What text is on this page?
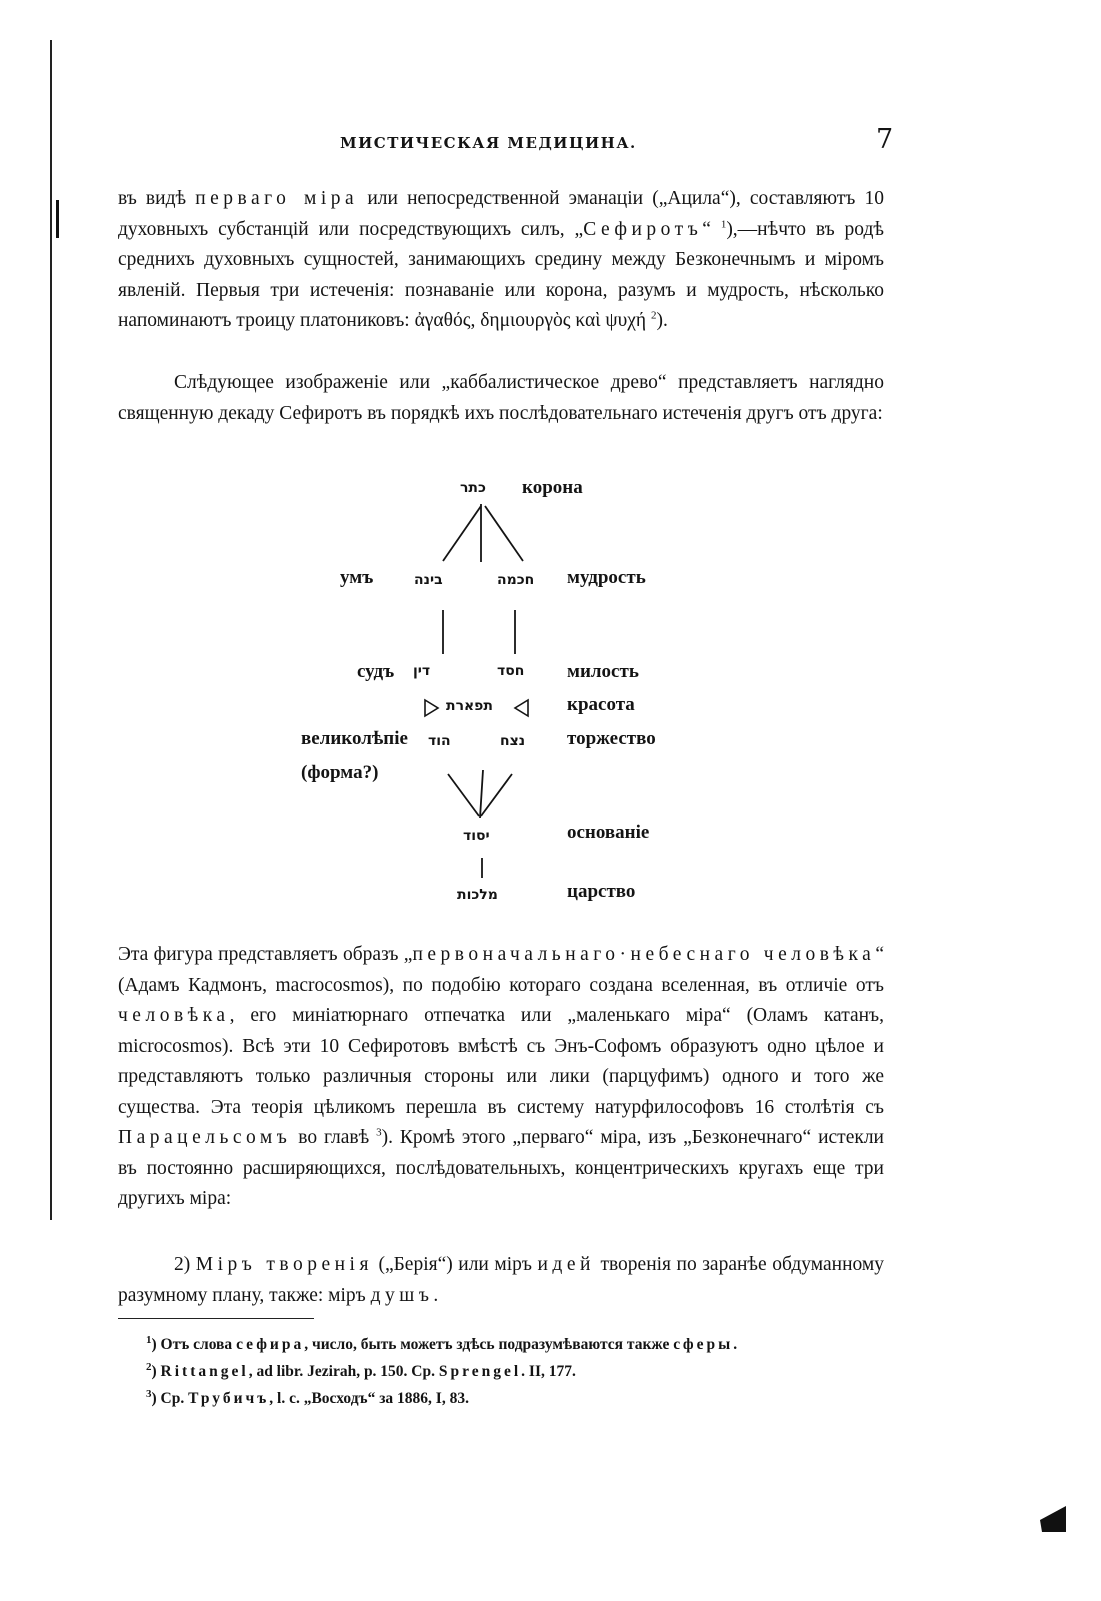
МИСТИЧЕСКАЯ МЕДИЦИНА.	7
въ видѣ перваго міра или непосредственной эманаціи („Ацила“), составляютъ 10 духовныхъ субстанцій или посредствующихъ силъ, „Сефиротъ“ $^1$),—нѣчто въ родѣ среднихъ духовныхъ сущностей, занимающихъ средину между Безконечнымъ и міромъ явленій. Первыя три истеченія: познаваніе или корона, разумъ и мудрость, нѣсколько напоминаютъ троицу платониковъ: ἀγαθός, δημιουργὸς καὶ ψυχή $^2$).
Слѣдующее изображеніе или „каббалистическое древо“ представляетъ наглядно священную декаду Сефиротъ въ порядкѣ ихъ послѣдовательнаго истеченія другъ отъ друга:
כתר корона
умъ	בינה	חכמה мудрость
судъ דין	חסד милость
תפארת	красота
великолѣпіе הוד	נצח торжество
(форма?)
יסוד	основаніе
מלכות	царство
Эта фигура представляетъ образъ „первоначальнаго·небеснаго человѣка“ (Адамъ Кадмонъ, macrocosmos), по подобію котораго создана вселенная, въ отличіе отъ человѣка, его миніатюрнаго отпечатка или „маленькаго міра“ (Оламъ катанъ, microcosmos). Всѣ эти 10 Сефиротовъ вмѣстѣ съ Энъ-Софомъ образуютъ одно цѣлое и представляютъ только различныя стороны или лики (парцуфимъ) одного и того же существа. Эта теорія цѣликомъ перешла въ систему натурфилософовъ 16 столѣтія съ Парацельсомъ во главѣ $^3$). Кромѣ этого „перваго“ міра, изъ „Безконечнаго“ истекли въ постоянно расширяющихся, послѣдовательныхъ, концентрическихъ кругахъ еще три другихъ міра:
2) Міръ творенія („Берія“) или міръ идей творенія по заранѣе обдуманному разумному плану, также: міръ душъ.
$^1$) Отъ слова сефира, число, быть можетъ здѣсь подразумѣваются также сферы.
$^2$) Rittangel, ad libr. Jezirah, p. 150. Cp. Sprengel. II, 177.
$^3$) Ср. Трубичъ, l. c. „Восходъ“ за 1886, I, 83.
